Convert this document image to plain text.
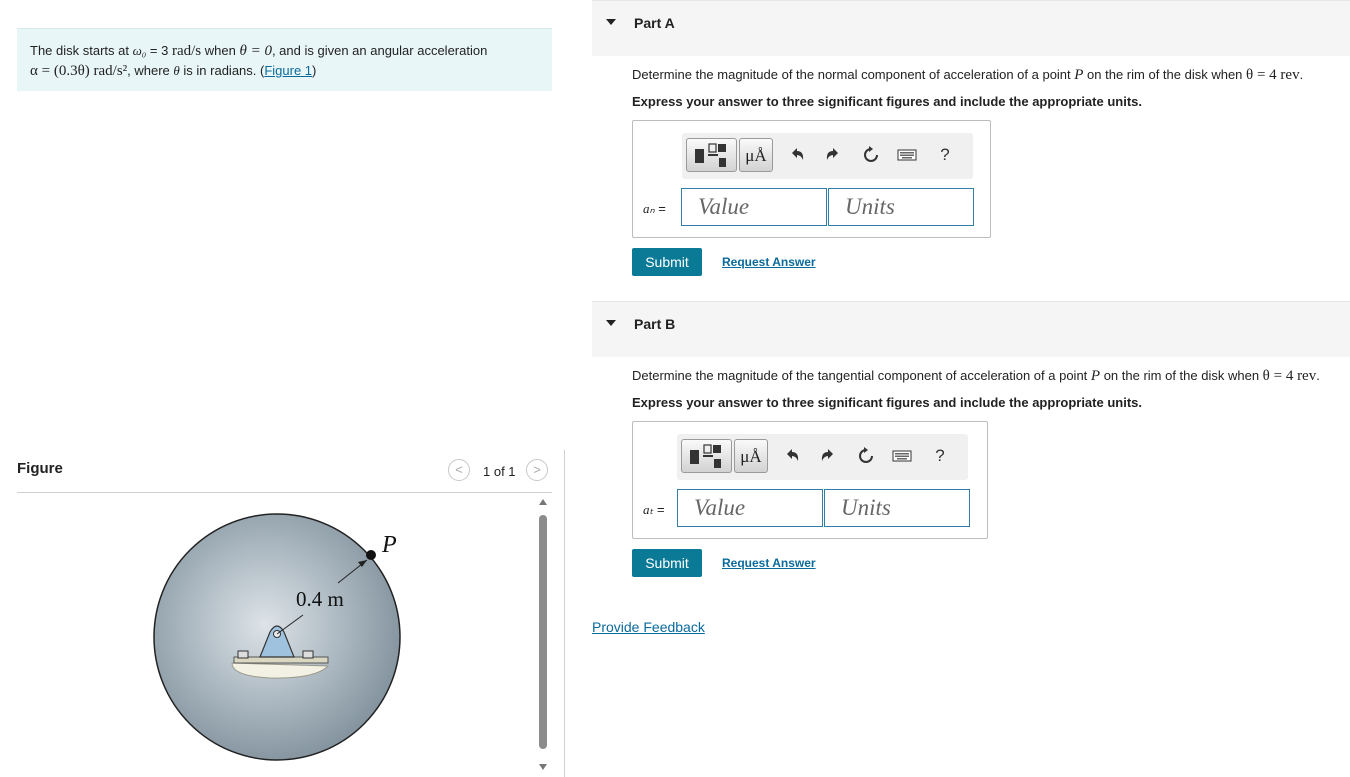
The disk starts at ω₀ = 3 rad/s when θ = 0, and is given an angular acceleration
α = (0.3θ) rad/s², where θ is in radians. (Figure 1)
Figure	<	1 of 1	>
P
0.4 m
Part A
Determine the magnitude of the normal component of acceleration of a point P on the rim of the disk when θ = 4 rev.
Express your answer to three significant figures and include the appropriate units.
μÅ	?
aₙ =	Value	Units
Submit	Request Answer
Part B
Determine the magnitude of the tangential component of acceleration of a point P on the rim of the disk when θ = 4 rev.
Express your answer to three significant figures and include the appropriate units.
μÅ	?
aₜ =	Value	Units
Submit	Request Answer
Provide Feedback
